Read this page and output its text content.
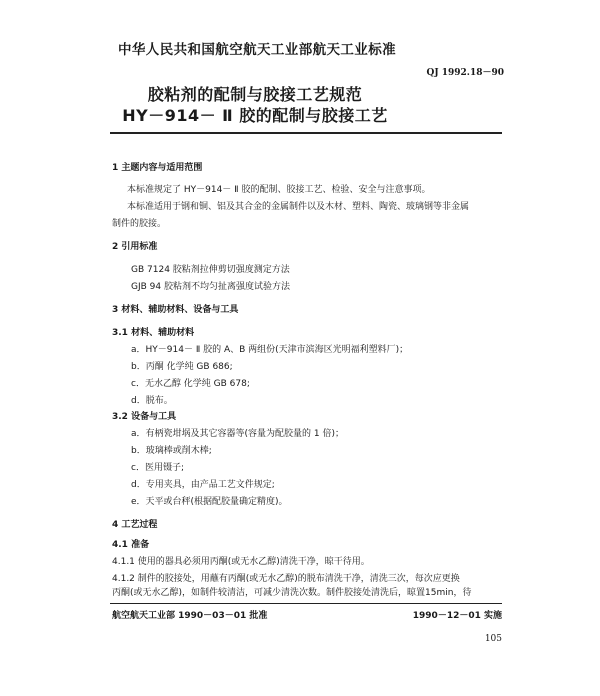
中华人民共和国航空航天工业部航天工业标准
QJ 1992.18－90
胶粘剂的配制与胶接工艺规范
HY－914－ Ⅱ 胶的配制与胶接工艺
1 主题内容与适用范围
本标准规定了 HY－914－ Ⅱ 胶的配制、胶接工艺、检验、安全与注意事项。
本标准适用于钢和铜、铝及其合金的金属制件以及木材、塑料、陶瓷、玻璃钢等非金属
制件的胶接。
2 引用标准
GB 7124 胶粘剂拉伸剪切强度测定方法
GJB 94 胶粘剂不均匀扯离强度试验方法
3 材料、辅助材料、设备与工具
3.1 材料、辅助材料
a．HY－914－ Ⅱ 胶的 A、B 两组份(天津市滨海区光明福利塑料厂)；
b．丙酮 化学纯 GB 686;
c．无水乙醇 化学纯 GB 678;
d．脱布。
3.2 设备与工具
a．有柄瓷坩埚及其它容器等(容量为配胶量的 1 倍)；
b．玻璃棒或削木棒;
c．医用镊子;
d．专用夹具，由产品工艺文件规定;
e．天平或台秤(根据配胶量确定精度)。
4 工艺过程
4.1 准备
4.1.1 使用的器具必须用丙酮(或无水乙醇)清洗干净，晾干待用。
4.1.2 制件的胶接处，用蘸有丙酮(或无水乙醇)的脱布清洗干净，清洗三次，每次应更换
丙酮(或无水乙醇)，如制件较清洁，可减少清洗次数。制件胶接处清洗后，晾置15min，待
航空航天工业部 1990－03－01 批准	1990－12－01 实施
105
